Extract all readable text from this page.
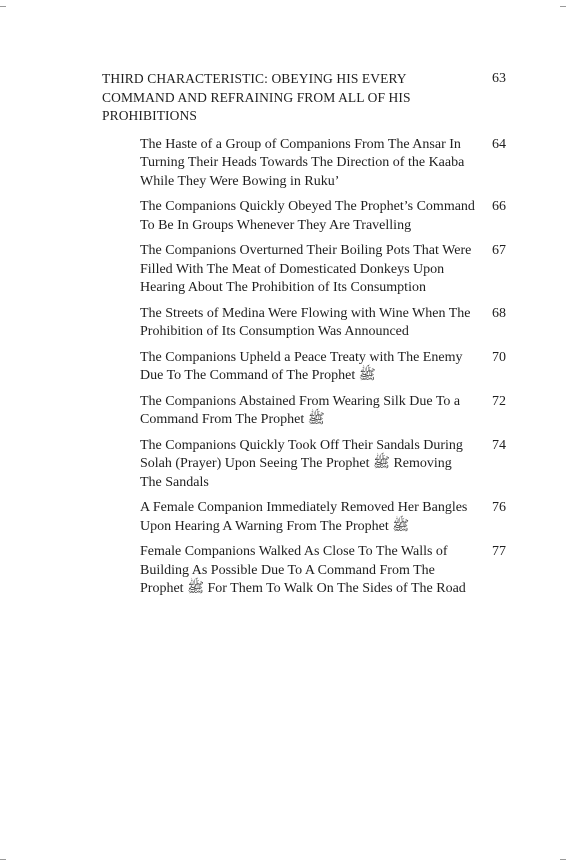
THIRD CHARACTERISTIC: OBEYING HIS EVERY COMMAND AND REFRAINING FROM ALL OF HIS PROHIBITIONS
63
The Haste of a Group of Companions From The Ansar In Turning Their Heads Towards The Direction of the Kaaba While They Were Bowing in Ruku’
64
The Companions Quickly Obeyed The Prophet’s Command To Be In Groups Whenever They Are Travelling
66
The Companions Overturned Their Boiling Pots That Were Filled With The Meat of Domesticated Donkeys Upon Hearing About The Prohibition of Its Consumption
67
The Streets of Medina Were Flowing with Wine When The Prohibition of Its Consumption Was Announced
68
The Companions Upheld a Peace Treaty with The Enemy Due To The Command of The Prophet ﷺ
70
The Companions Abstained From Wearing Silk Due To a Command From The Prophet ﷺ
72
The Companions Quickly Took Off Their Sandals During Solah (Prayer) Upon Seeing The Prophet ﷺ Removing The Sandals
74
A Female Companion Immediately Removed Her Bangles Upon Hearing A Warning From The Prophet ﷺ
76
Female Companions Walked As Close To The Walls of Building As Possible Due To A Command From The Prophet ﷺ For Them To Walk On The Sides of The Road
77
